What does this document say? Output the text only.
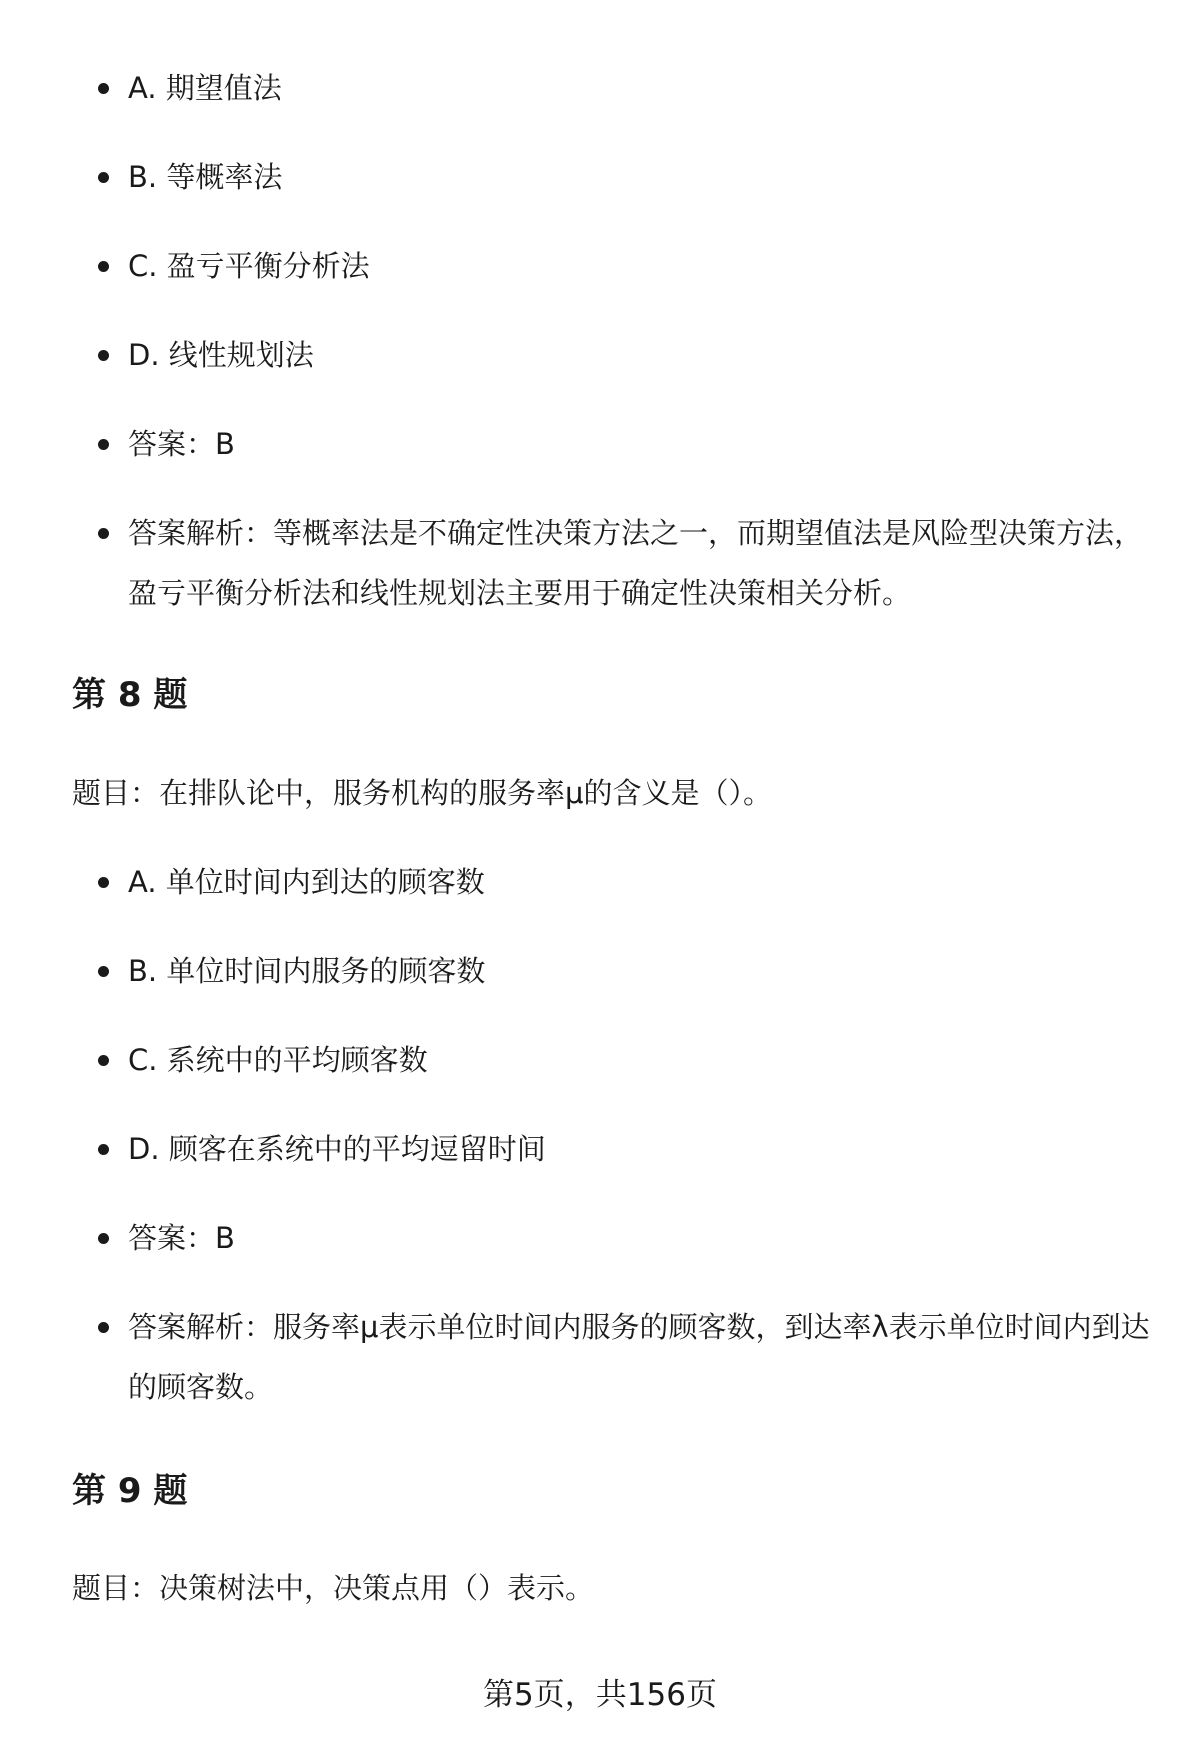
A. 期望值法
B. 等概率法
C. 盈亏平衡分析法
D. 线性规划法
答案：B
答案解析：等概率法是不确定性决策方法之一，而期望值法是风险型决策方法，盈亏平衡分析法和线性规划法主要用于确定性决策相关分析。
第 8 题

题目：在排队论中，服务机构的服务率μ的含义是（）。

A. 单位时间内到达的顾客数
B. 单位时间内服务的顾客数
C. 系统中的平均顾客数
D. 顾客在系统中的平均逗留时间
答案：B
答案解析：服务率μ表示单位时间内服务的顾客数，到达率λ表示单位时间内到达的顾客数。
第 9 题

题目：决策树法中，决策点用（）表示。

第5页，共156页
